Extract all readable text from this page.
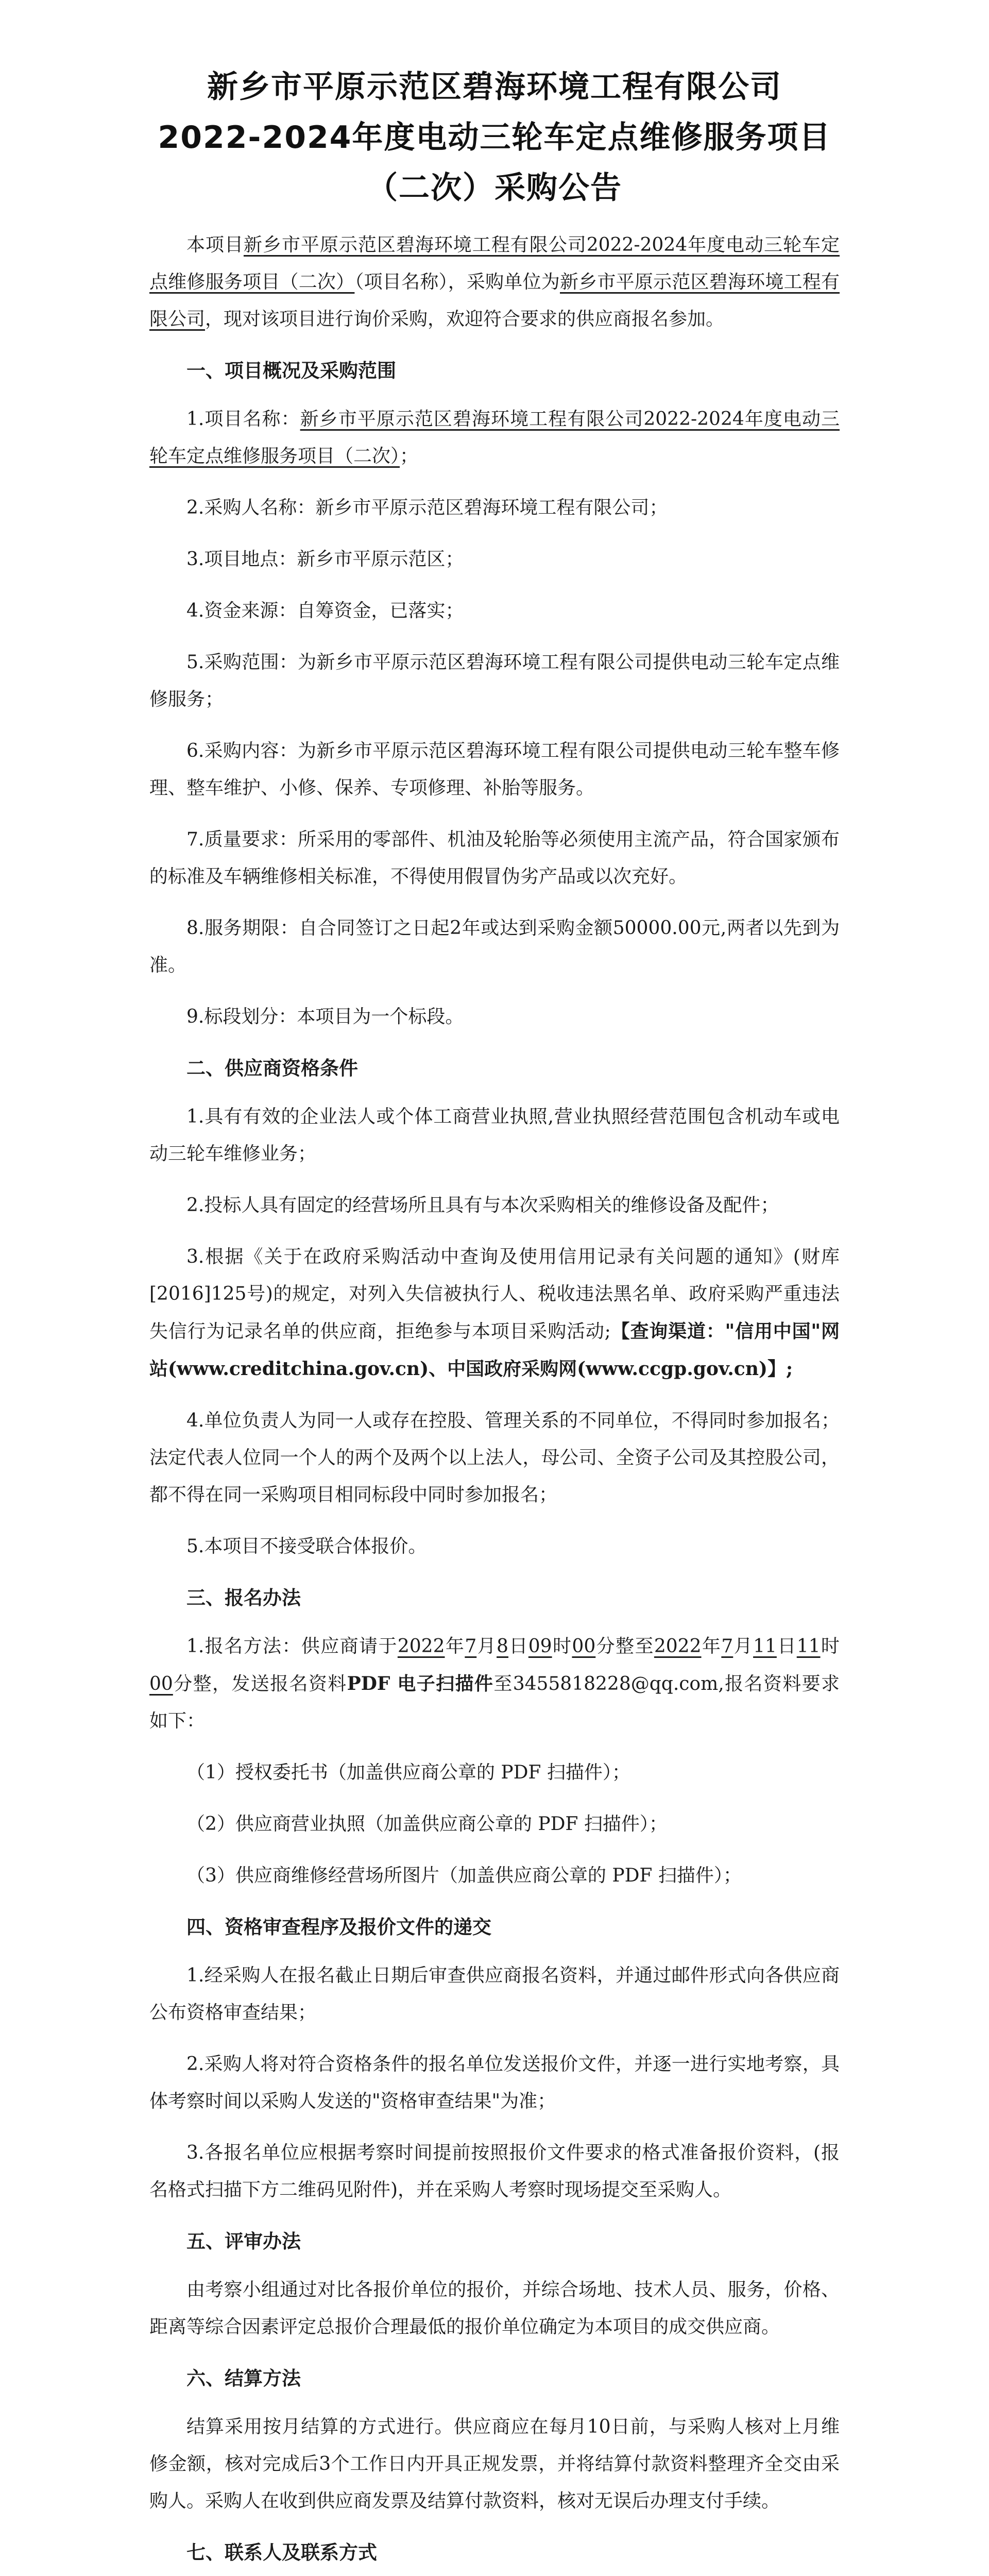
新乡市平原示范区碧海环境工程有限公司
2022-2024年度电动三轮车定点维修服务项目
（二次）采购公告

本项目新乡市平原示范区碧海环境工程有限公司2022-2024年度电动三轮车定点维修服务项目（二次）（项目名称），采购单位为新乡市平原示范区碧海环境工程有限公司，现对该项目进行询价采购，欢迎符合要求的供应商报名参加。

一、项目概况及采购范围

1.项目名称：新乡市平原示范区碧海环境工程有限公司2022-2024年度电动三轮车定点维修服务项目（二次）；

2.采购人名称：新乡市平原示范区碧海环境工程有限公司；

3.项目地点：新乡市平原示范区；

4.资金来源：自筹资金，已落实；

5.采购范围：为新乡市平原示范区碧海环境工程有限公司提供电动三轮车定点维修服务；

6.采购内容：为新乡市平原示范区碧海环境工程有限公司提供电动三轮车整车修理、整车维护、小修、保养、专项修理、补胎等服务。

7.质量要求：所采用的零部件、机油及轮胎等必须使用主流产品，符合国家颁布的标准及车辆维修相关标准，不得使用假冒伪劣产品或以次充好。

8.服务期限：自合同签订之日起2年或达到采购金额50000.00元,两者以先到为准。

9.标段划分：本项目为一个标段。

二、供应商资格条件

1.具有有效的企业法人或个体工商营业执照,营业执照经营范围包含机动车或电动三轮车维修业务；

2.投标人具有固定的经营场所且具有与本次采购相关的维修设备及配件；

3.根据《关于在政府采购活动中查询及使用信用记录有关问题的通知》(财库[2016]125号)的规定，对列入失信被执行人、税收违法黑名单、政府采购严重违法失信行为记录名单的供应商，拒绝参与本项目采购活动;【查询渠道："信用中国"网站(www.creditchina.gov.cn)、中国政府采购网(www.ccgp.gov.cn)】;

4.单位负责人为同一人或存在控股、管理关系的不同单位，不得同时参加报名；法定代表人位同一个人的两个及两个以上法人，母公司、全资子公司及其控股公司，都不得在同一采购项目相同标段中同时参加报名；

5.本项目不接受联合体报价。

三、报名办法

1.报名方法：供应商请于2022年7月8日09时00分整至2022年7月11日11时00分整，发送报名资料PDF 电子扫描件至3455818228@qq.com,报名资料要求如下：

（1）授权委托书（加盖供应商公章的 PDF 扫描件）；

（2）供应商营业执照（加盖供应商公章的 PDF 扫描件）；

（3）供应商维修经营场所图片（加盖供应商公章的 PDF 扫描件）；

四、资格审查程序及报价文件的递交

1.经采购人在报名截止日期后审查供应商报名资料，并通过邮件形式向各供应商公布资格审查结果；

2.采购人将对符合资格条件的报名单位发送报价文件，并逐一进行实地考察，具体考察时间以采购人发送的"资格审查结果"为准；

3.各报名单位应根据考察时间提前按照报价文件要求的格式准备报价资料，(报名格式扫描下方二维码见附件)，并在采购人考察时现场提交至采购人。

五、评审办法

由考察小组通过对比各报价单位的报价，并综合场地、技术人员、服务，价格、距离等综合因素评定总报价合理最低的报价单位确定为本项目的成交供应商。

六、结算方法

结算采用按月结算的方式进行。供应商应在每月10日前，与采购人核对上月维修金额，核对完成后3个工作日内开具正规发票，并将结算付款资料整理齐全交由采购人。采购人在收到供应商发票及结算付款资料，核对无误后办理支付手续。

七、联系人及联系方式
